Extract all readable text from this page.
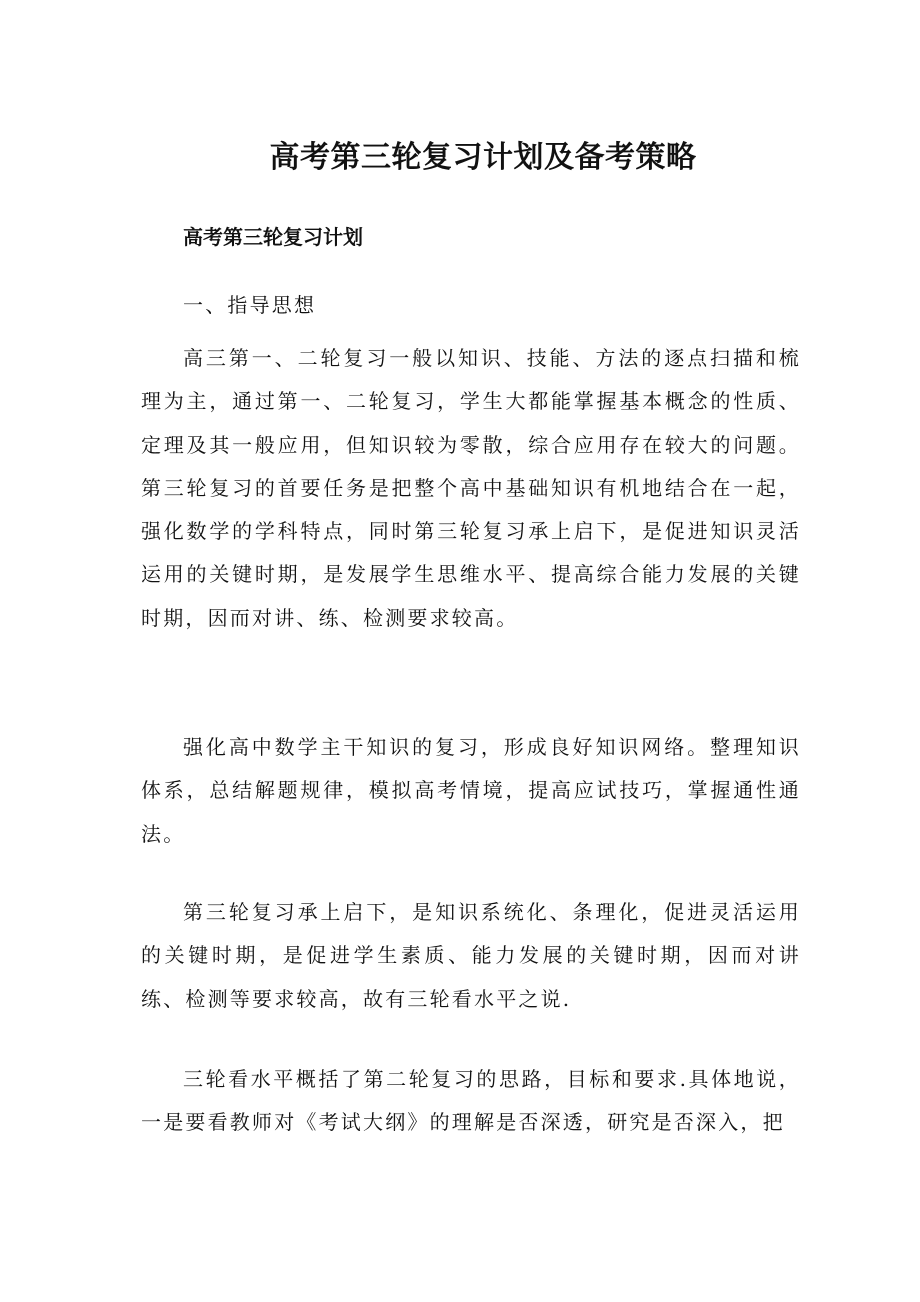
高考第三轮复习计划及备考策略
高考第三轮复习计划

一、指导思想

高三第一、二轮复习一般以知识、技能、方法的逐点扫描和梳理为主，通过第一、二轮复习，学生大都能掌握基本概念的性质、定理及其一般应用，但知识较为零散，综合应用存在较大的问题。第三轮复习的首要任务是把整个高中基础知识有机地结合在一起，强化数学的学科特点，同时第三轮复习承上启下，是促进知识灵活运用的关键时期，是发展学生思维水平、提高综合能力发展的关键时期，因而对讲、练、检测要求较高。

强化高中数学主干知识的复习，形成良好知识网络。整理知识体系，总结解题规律，模拟高考情境，提高应试技巧，掌握通性通法。

第三轮复习承上启下，是知识系统化、条理化，促进灵活运用的关键时期，是促进学生素质、能力发展的关键时期，因而对讲练、检测等要求较高，故有三轮看水平之说.

三轮看水平概括了第二轮复习的思路，目标和要求.具体地说，一是要看教师对《考试大纲》的理解是否深透，研究是否深入，把
